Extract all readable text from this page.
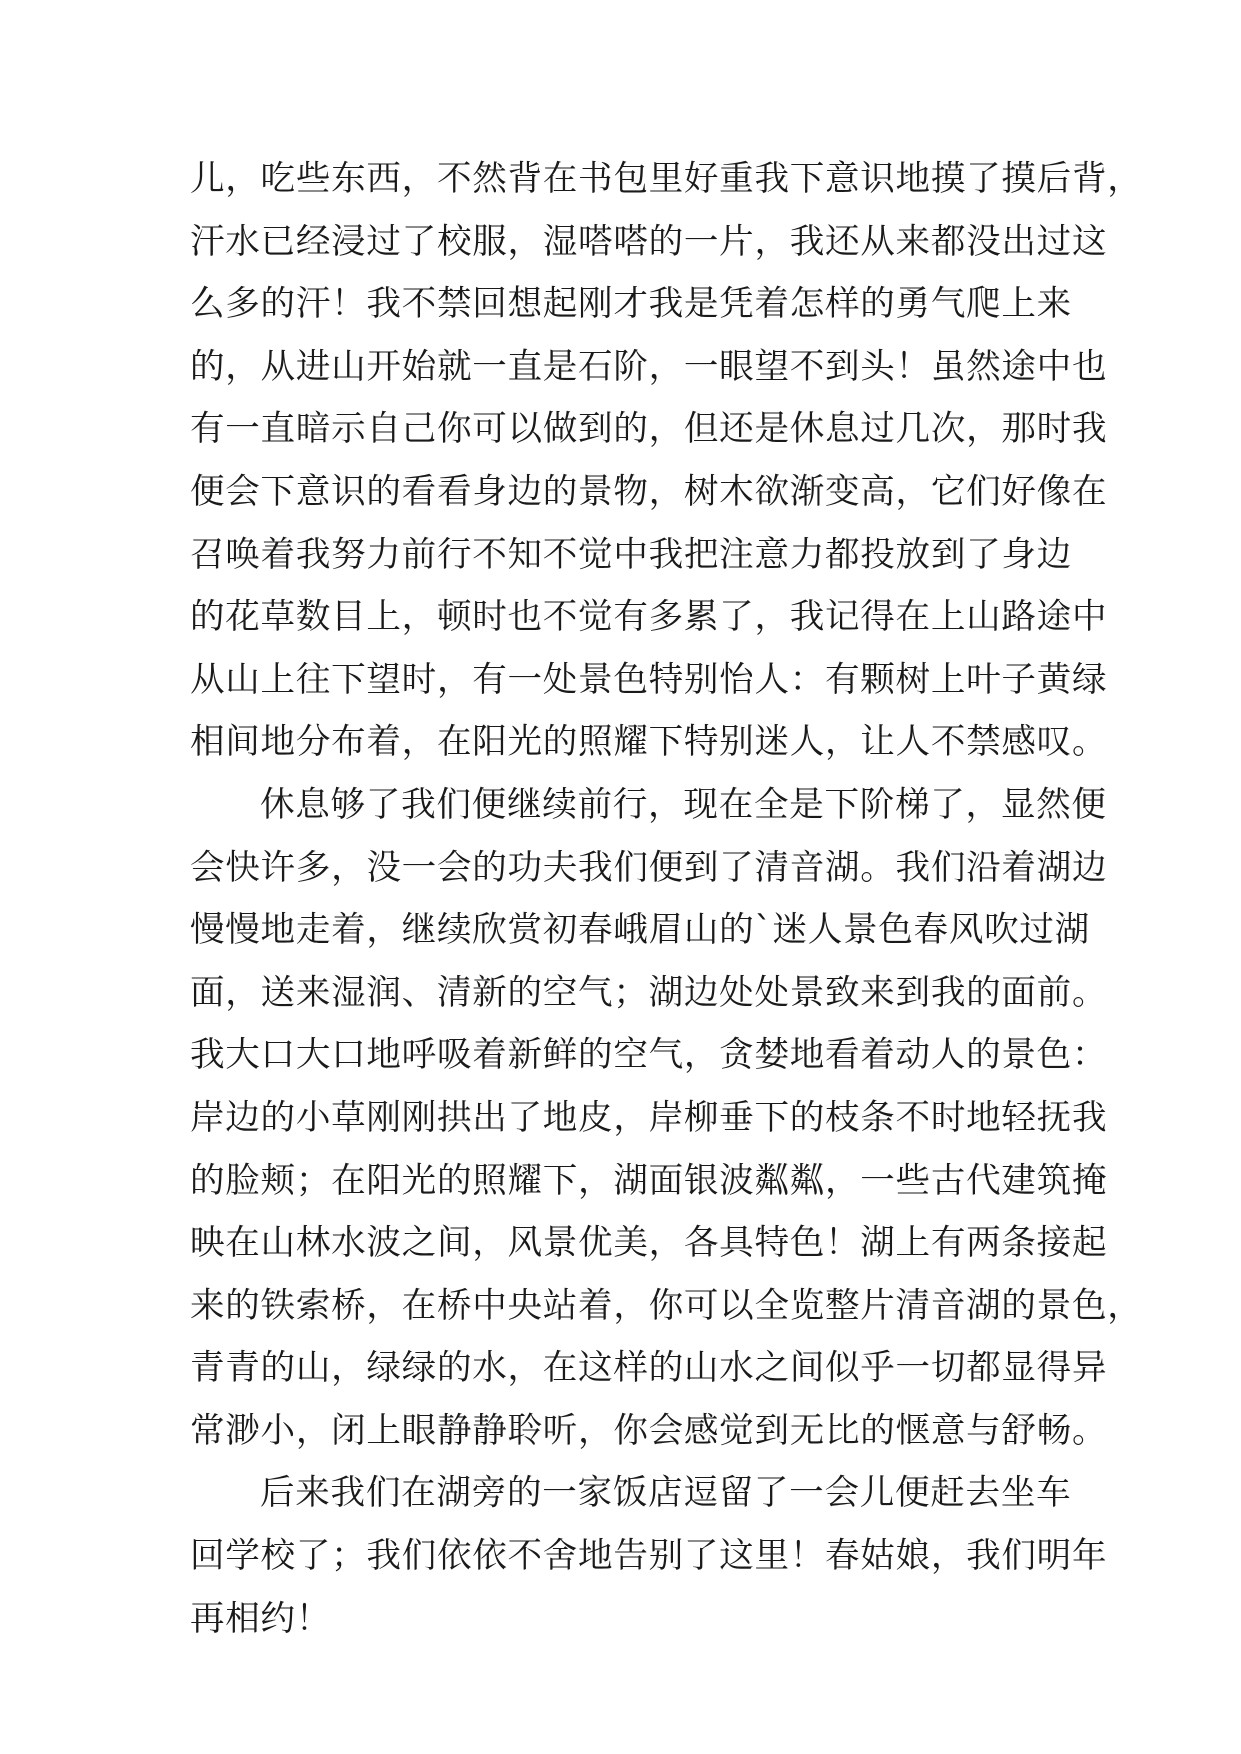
儿，吃些东西，不然背在书包里好重我下意识地摸了摸后背，
汗水已经浸过了校服，湿嗒嗒的一片，我还从来都没出过这
么多的汗！我不禁回想起刚才我是凭着怎样的勇气爬上来
的，从进山开始就一直是石阶，一眼望不到头！虽然途中也
有一直暗示自己你可以做到的，但还是休息过几次，那时我
便会下意识的看看身边的景物，树木欲渐变高，它们好像在
召唤着我努力前行不知不觉中我把注意力都投放到了身边
的花草数目上，顿时也不觉有多累了，我记得在上山路途中
从山上往下望时，有一处景色特别怡人：有颗树上叶子黄绿
相间地分布着，在阳光的照耀下特别迷人，让人不禁感叹。
休息够了我们便继续前行，现在全是下阶梯了，显然便
会快许多，没一会的功夫我们便到了清音湖。我们沿着湖边
慢慢地走着，继续欣赏初春峨眉山的`迷人景色春风吹过湖
面，送来湿润、清新的空气；湖边处处景致来到我的面前。
我大口大口地呼吸着新鲜的空气，贪婪地看着动人的景色：
岸边的小草刚刚拱出了地皮，岸柳垂下的枝条不时地轻抚我
的脸颊；在阳光的照耀下，湖面银波粼粼，一些古代建筑掩
映在山林水波之间，风景优美，各具特色！湖上有两条接起
来的铁索桥，在桥中央站着，你可以全览整片清音湖的景色，
青青的山，绿绿的水，在这样的山水之间似乎一切都显得异
常渺小，闭上眼静静聆听，你会感觉到无比的惬意与舒畅。
后来我们在湖旁的一家饭店逗留了一会儿便赶去坐车
回学校了；我们依依不舍地告别了这里！春姑娘，我们明年
再相约！
